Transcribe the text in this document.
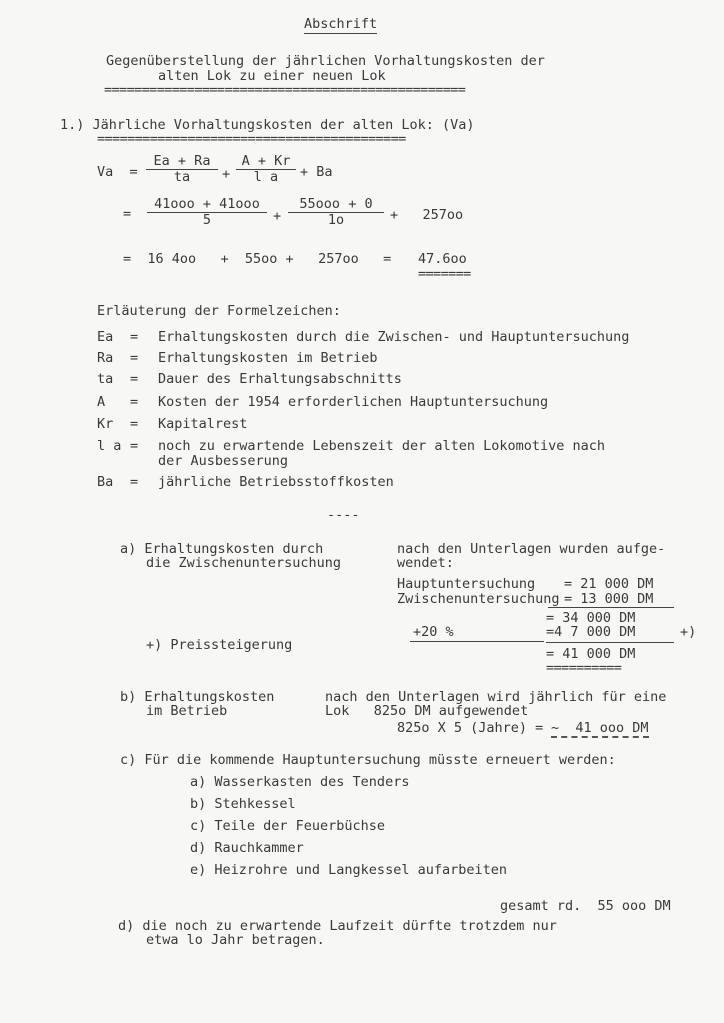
Abschrift
Gegenüberstellung der jährlichen Vorhaltungskosten der
alten Lok zu einer neuen Lok
================================================
1.) Jährliche Vorhaltungskosten der alten Lok: (Va)
=========================================
$Va = \frac{Ea + Ra}{ta} + \frac{A + Kr}{\text{l a}} + Ba$
=
41ooo + 41ooo
5	+
55ooo + 0
1o	+   257oo
=  16 4oo   +  55oo +   257oo   = 47.6oo
=======
Erläuterung der Formelzeichen:
Ea = Erhaltungskosten durch die Zwischen- und Hauptuntersuchung
Ra = Erhaltungskosten im Betrieb
ta = Dauer des Erhaltungsabschnitts
A = Kosten der 1954 erforderlichen Hauptuntersuchung
Kr = Kapitalrest
l a = noch zu erwartende Lebenszeit der alten Lokomotive nach
der Ausbesserung
Ba = jährliche Betriebsstoffkosten
----
a) Erhaltungskosten durch
die Zwischenuntersuchung
nach den Unterlagen wurden aufge-
wendet:
Hauptuntersuchung = 21 000 DM
Zwischenuntersuchung = 13 000 DM
= 34 000 DM
+20 %	=4 7 000 DM	+)
+) Preissteigerung
= 41 000 DM
==========
b) Erhaltungskosten
im Betrieb
nach den Unterlagen wird jährlich für eine
Lok   825o DM aufgewendet
825o X 5 (Jahre) = ~  41 ooo DM
c) Für die kommende Hauptuntersuchung müsste erneuert werden:
a) Wasserkasten des Tenders
b) Stehkessel
c) Teile der Feuerbüchse
d) Rauchkammer
e) Heizrohre und Langkessel aufarbeiten
gesamt rd.  55 ooo DM
d) die noch zu erwartende Laufzeit dürfte trotzdem nur
etwa lo Jahr betragen.
